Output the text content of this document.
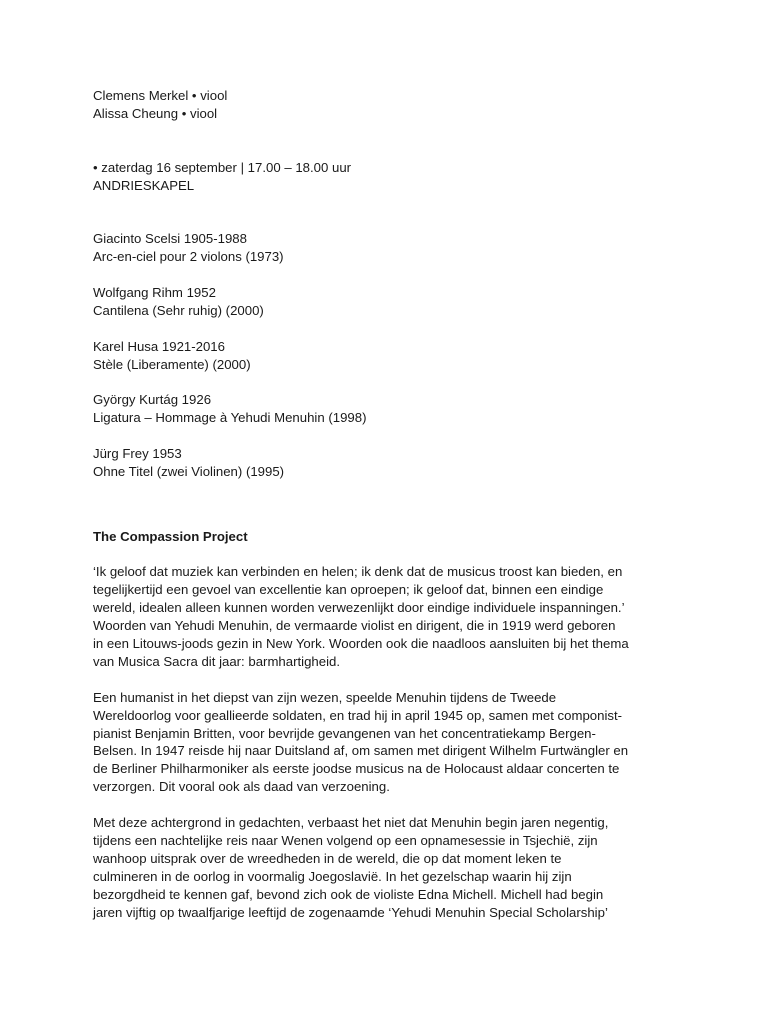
Clemens Merkel • viool
Alissa Cheung • viool
• zaterdag 16 september | 17.00 – 18.00 uur
ANDRIESKAPEL
Giacinto Scelsi 1905-1988
Arc-en-ciel pour 2 violons (1973)
Wolfgang Rihm 1952
Cantilena (Sehr ruhig) (2000)
Karel Husa 1921-2016
Stèle (Liberamente) (2000)
György Kurtág 1926
Ligatura – Hommage à Yehudi Menuhin (1998)
Jürg Frey 1953
Ohne Titel (zwei Violinen) (1995)
The Compassion Project
‘Ik geloof dat muziek kan verbinden en helen; ik denk dat de musicus troost kan bieden, en
tegelijkertijd een gevoel van excellentie kan oproepen; ik geloof dat, binnen een eindige
wereld, idealen alleen kunnen worden verwezenlijkt door eindige individuele inspanningen.’
Woorden van Yehudi Menuhin, de vermaarde violist en dirigent, die in 1919 werd geboren
in een Litouws-joods gezin in New York. Woorden ook die naadloos aansluiten bij het thema
van Musica Sacra dit jaar: barmhartigheid.
Een humanist in het diepst van zijn wezen, speelde Menuhin tijdens de Tweede
Wereldoorlog voor geallieerde soldaten, en trad hij in april 1945 op, samen met componist-
pianist Benjamin Britten, voor bevrijde gevangenen van het concentratiekamp Bergen-
Belsen. In 1947 reisde hij naar Duitsland af, om samen met dirigent Wilhelm Furtwängler en
de Berliner Philharmoniker als eerste joodse musicus na de Holocaust aldaar concerten te
verzorgen. Dit vooral ook als daad van verzoening.
Met deze achtergrond in gedachten, verbaast het niet dat Menuhin begin jaren negentig,
tijdens een nachtelijke reis naar Wenen volgend op een opnamesessie in Tsjechië, zijn
wanhoop uitsprak over de wreedheden in de wereld, die op dat moment leken te
culmineren in de oorlog in voormalig Joegoslavië. In het gezelschap waarin hij zijn
bezorgdheid te kennen gaf, bevond zich ook de violiste Edna Michell. Michell had begin
jaren vijftig op twaalfjarige leeftijd de zogenaamde ‘Yehudi Menuhin Special Scholarship’
